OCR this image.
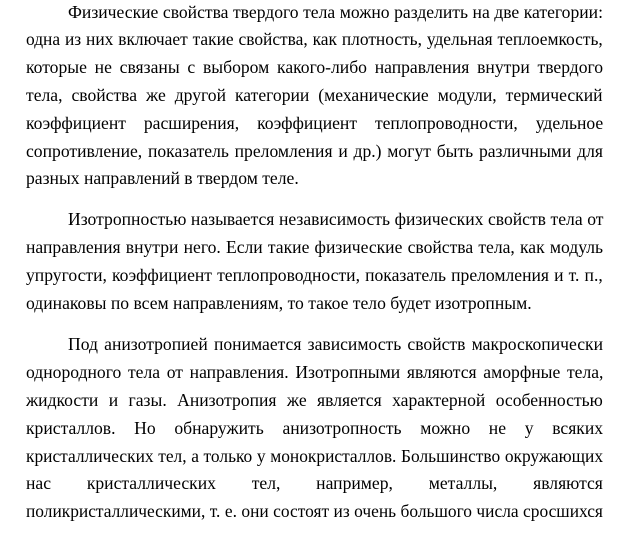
Физические свойства твердого тела можно разделить на две категории:
одна из них включает такие свойства, как плотность, удельная теплоемкость,
которые не связаны с выбором какого-либо направления внутри твердого
тела, свойства же другой категории (механические модули, термический
коэффициент расширения, коэффициент теплопроводности, удельное
сопротивление, показатель преломления и др.) могут быть различными для
разных направлений в твердом теле.
Изотропностью называется независимость физических свойств тела от
направления внутри него. Если такие физические свойства тела, как модуль
упругости, коэффициент теплопроводности, показатель преломления и т. п.,
одинаковы по всем направлениям, то такое тело будет изотропным.
Под анизотропией понимается зависимость свойств макроскопически
однородного тела от направления. Изотропными являются аморфные тела,
жидкости и газы. Анизотропия же является характерной особенностью
кристаллов. Но обнаружить анизотропность можно не у всяких
кристаллических тел, а только у монокристаллов. Большинство окружающих
нас кристаллических тел, например, металлы, являются
поликристаллическими, т. е. они состоят из очень большого числа сросшихся
